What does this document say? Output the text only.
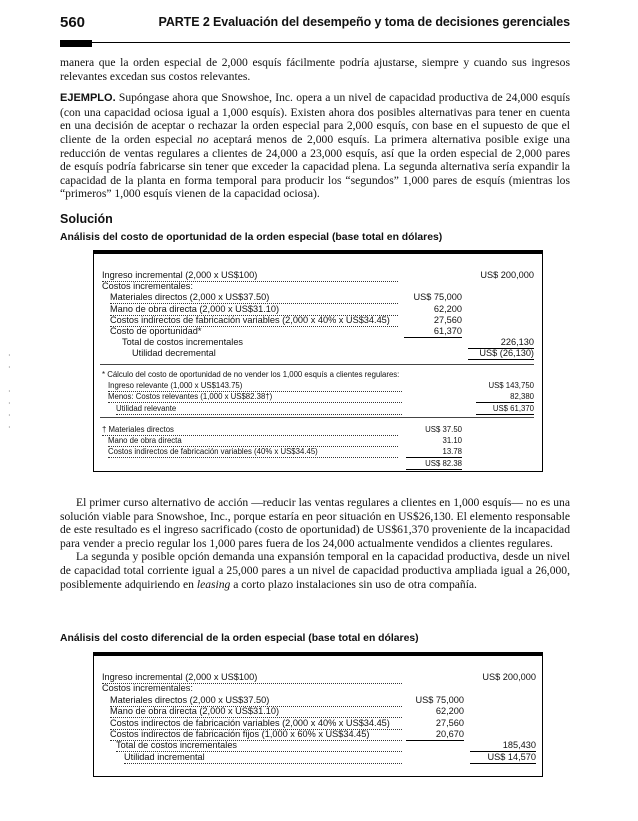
560	PARTE 2 Evaluación del desempeño y toma de decisiones gerenciales

manera que la orden especial de 2,000 esquís fácilmente podría ajustarse, siempre y cuando sus ingresos relevantes excedan sus costos relevantes.

EJEMPLO. Supóngase ahora que Snowshoe, Inc. opera a un nivel de capacidad productiva de 24,000 esquís (con una capacidad ociosa igual a 1,000 esquís). Existen ahora dos posibles alternativas para tener en cuenta en una decisión de aceptar o rechazar la orden especial para 2,000 esquís, con base en el supuesto de que el cliente de la orden especial no aceptará menos de 2,000 esquís. La primera alternativa posible exige una reducción de ventas regulares a clientes de 24,000 a 23,000 esquís, así que la orden especial de 2,000 pares de esquís podría fabricarse sin tener que exceder la capacidad plena. La segunda alternativa sería expandir la capacidad de la planta en forma temporal para producir los “segundos” 1,000 pares de esquís (mientras los “primeros” 1,000 esquís vienen de la capacidad ociosa).

Solución
Análisis del costo de oportunidad de la orden especial (base total en dólares)
Ingreso incremental (2,000 x US$100)	US$ 200,000
Costos incrementales:
Materiales directos (2,000 x US$37.50)	US$ 75,000
Mano de obra directa (2,000 x US$31.10)	62,200
Costos indirectos de fabricación variables (2,000 x 40% x US$34.45)	27,560
Costo de oportunidad*	61,370
Total de costos incrementales	226,130
Utilidad decremental	US$ (26,130)
* Cálculo del costo de oportunidad de no vender los 1,000 esquís a clientes regulares:
Ingreso relevante (1,000 x US$143.75)	US$ 143,750
Menos: Costos relevantes (1,000 x US$82.38†)	82,380
Utilidad relevante	US$ 61,370
† Materiales directos	US$ 37.50
Mano de obra directa	31.10
Costos indirectos de fabricación variables (40% x US$34.45)	13.78
US$ 82.38

El primer curso alternativo de acción —reducir las ventas regulares a clientes en 1,000 esquís— no es una solución viable para Snowshoe, Inc., porque estaría en peor situación en US$26,130. El elemento responsable de este resultado es el ingreso sacrificado (costo de oportunidad) de US$61,370 proveniente de la incapacidad para vender a precio regular los 1,000 pares fuera de los 24,000 actualmente vendidos a clientes regulares.

La segunda y posible opción demanda una expansión temporal en la capacidad productiva, desde un nivel de capacidad total corriente igual a 25,000 pares a un nivel de capacidad productiva ampliada igual a 26,000, posiblemente adquiriendo en leasing a corto plazo instalaciones sin uso de otra compañía.

Análisis del costo diferencial de la orden especial (base total en dólares)
Ingreso incremental (2,000 x US$100)	US$ 200,000
Costos incrementales:
Materiales directos (2,000 x US$37.50)	US$ 75,000
Mano de obra directa (2,000 x US$31.10)	62,200
Costos indirectos de fabricación variables (2,000 x 40% x US$34.45)	27,560
Costos indirectos de fabricación fijos (1,000 x 60% x US$34.45)	20,670
Total de costos incrementales	185,430
Utilidad incremental	US$ 14,570
·
·

·
·
·
·
